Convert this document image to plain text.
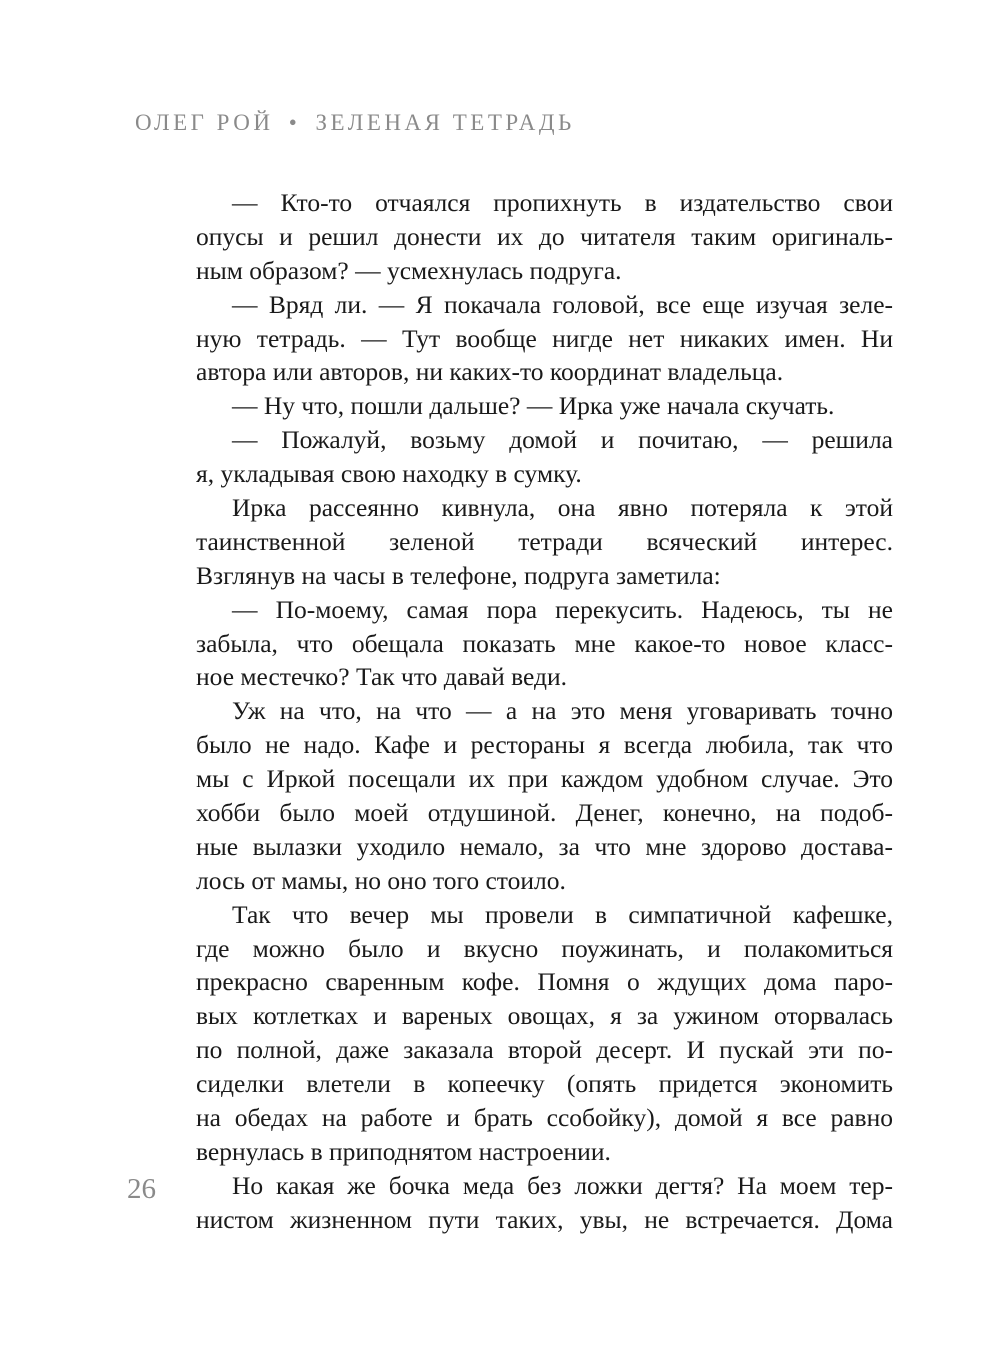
ОЛЕГ РОЙ • ЗЕЛЕНАЯ ТЕТРАДЬ
— Кто-то отчаялся пропихнуть в издательство свои
опусы и решил донести их до читателя таким оригиналь-
ным образом? — усмехнулась подруга.
— Вряд ли. — Я покачала головой, все еще изучая зеле-
ную тетрадь. — Тут вообще нигде нет никаких имен. Ни
автора или авторов, ни каких-то координат владельца.
— Ну что, пошли дальше? — Ирка уже начала скучать.
— Пожалуй, возьму домой и почитаю, — решила
я, укладывая свою находку в сумку.
Ирка рассеянно кивнула, она явно потеряла к этой
таинственной зеленой тетради всяческий интерес.
Взглянув на часы в телефоне, подруга заметила:
— По-моему, самая пора перекусить. Надеюсь, ты не
забыла, что обещала показать мне какое-то новое класс-
ное местечко? Так что давай веди.
Уж на что, на что — а на это меня уговаривать точно
было не надо. Кафе и рестораны я всегда любила, так что
мы с Иркой посещали их при каждом удобном случае. Это
хобби было моей отдушиной. Денег, конечно, на подоб-
ные вылазки уходило немало, за что мне здорово достава-
лось от мамы, но оно того стоило.
Так что вечер мы провели в симпатичной кафешке,
где можно было и вкусно поужинать, и полакомиться
прекрасно сваренным кофе. Помня о ждущих дома паро-
вых котлетках и вареных овощах, я за ужином оторвалась
по полной, даже заказала второй десерт. И пускай эти по-
сиделки влетели в копеечку (опять придется экономить
на обедах на работе и брать ссобойку), домой я все равно
вернулась в приподнятом настроении.
Но какая же бочка меда без ложки дегтя? На моем тер-
нистом жизненном пути таких, увы, не встречается. Дома
26
